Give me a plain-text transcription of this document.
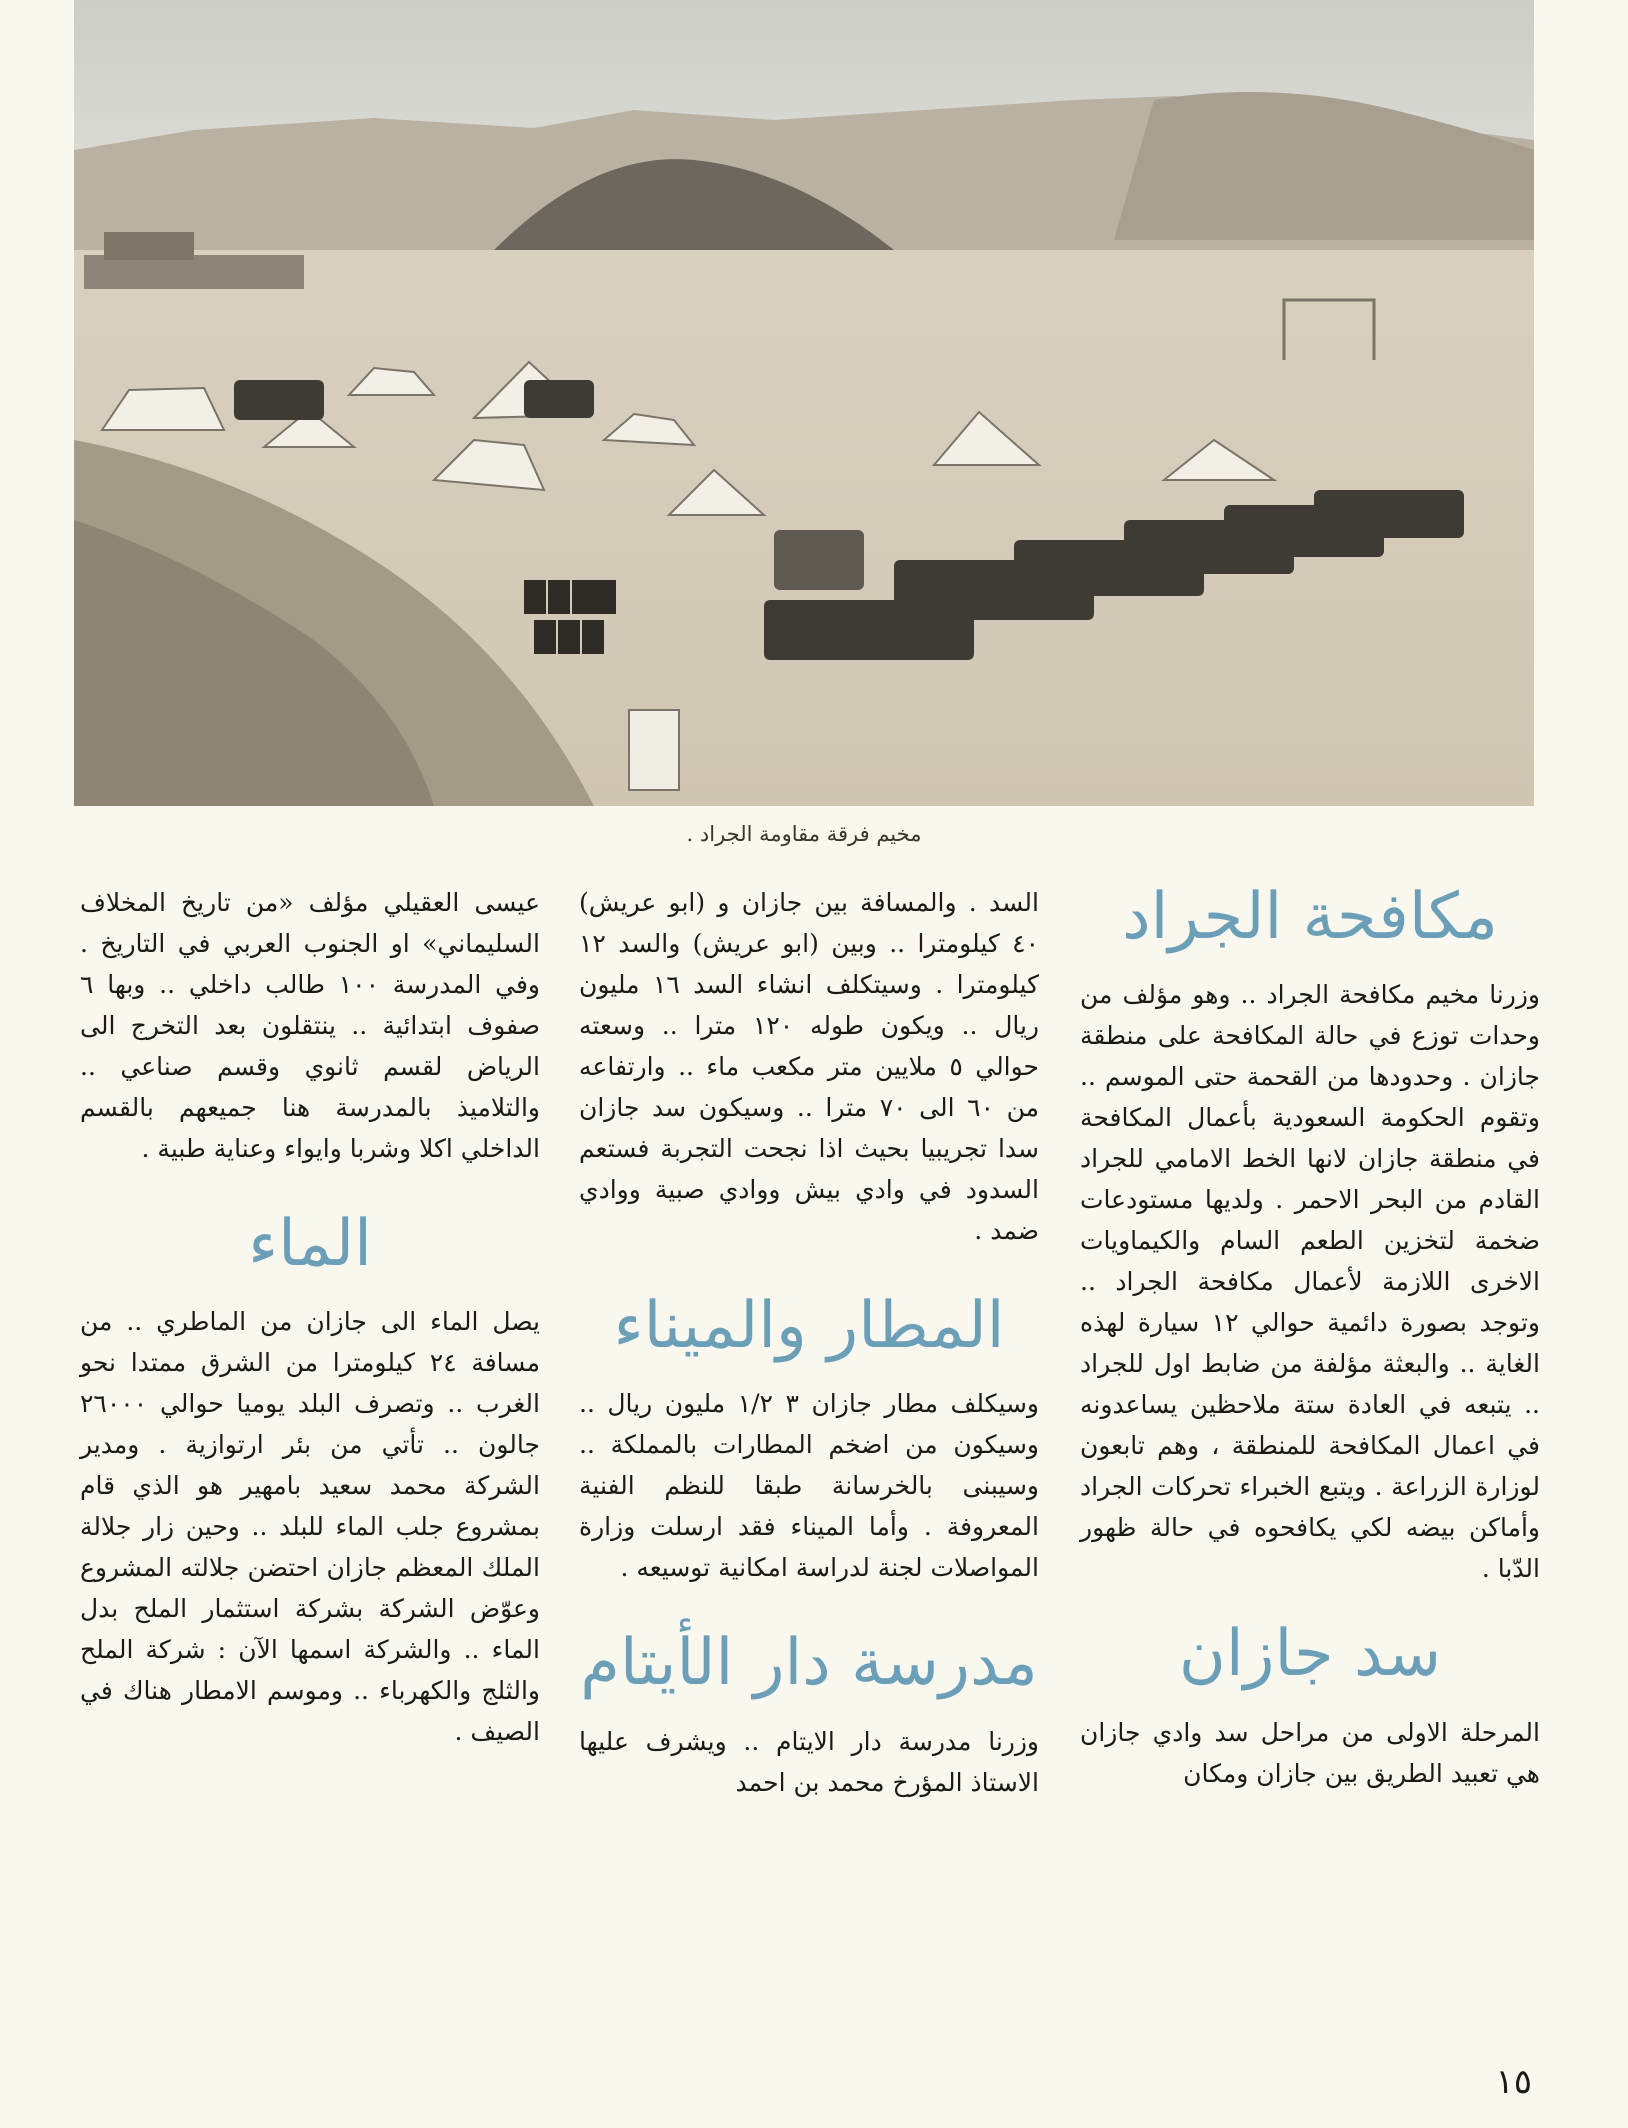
مخيم فرقة مقاومة الجراد .
مكافحة الجراد

وزرنا مخيم مكافحة الجراد .. وهو مؤلف من وحدات توزع في حالة المكافحة على منطقة جازان . وحدودها من القحمة حتى الموسم .. وتقوم الحكومة السعودية بأعمال المكافحة في منطقة جازان لانها الخط الامامي للجراد القادم من البحر الاحمر . ولديها مستودعات ضخمة لتخزين الطعم السام والكيماويات الاخرى اللازمة لأعمال مكافحة الجراد .. وتوجد بصورة دائمية حوالي ١٢ سيارة لهذه الغاية .. والبعثة مؤلفة من ضابط اول للجراد .. يتبعه في العادة ستة ملاحظين يساعدونه في اعمال المكافحة للمنطقة ، وهم تابعون لوزارة الزراعة . ويتبع الخبراء تحركات الجراد وأماكن بيضه لكي يكافحوه في حالة ظهور الدّبا .

سد جازان

المرحلة الاولى من مراحل سد وادي جازان هي تعبيد الطريق بين جازان ومكان

السد . والمسافة بين جازان و (ابو عريش) ٤٠ كيلومترا .. وبين (ابو عريش) والسد ١٢ كيلومترا . وسيتكلف انشاء السد ١٦ مليون ريال .. ويكون طوله ١٢٠ مترا .. وسعته حوالي ٥ ملايين متر مكعب ماء .. وارتفاعه من ٦٠ الى ٧٠ مترا .. وسيكون سد جازان سدا تجريبيا بحيث اذا نجحت التجربة فستعم السدود في وادي بيش ووادي صبية ووادي ضمد .

المطار والميناء

وسيكلف مطار جازان ٣ ١/٢ مليون ريال .. وسيكون من اضخم المطارات بالمملكة .. وسيبنى بالخرسانة طبقا للنظم الفنية المعروفة . وأما الميناء فقد ارسلت وزارة المواصلات لجنة لدراسة امكانية توسيعه .

مدرسة دار الأيتام

وزرنا مدرسة دار الايتام .. ويشرف عليها الاستاذ المؤرخ محمد بن احمد

عيسى العقيلي مؤلف «من تاريخ المخلاف السليماني» او الجنوب العربي في التاريخ . وفي المدرسة ١٠٠ طالب داخلي .. وبها ٦ صفوف ابتدائية .. ينتقلون بعد التخرج الى الرياض لقسم ثانوي وقسم صناعي .. والتلاميذ بالمدرسة هنا جميعهم بالقسم الداخلي اكلا وشربا وايواء وعناية طبية .

الماء

يصل الماء الى جازان من الماطري .. من مسافة ٢٤ كيلومترا من الشرق ممتدا نحو الغرب .. وتصرف البلد يوميا حوالي ٢٦٠٠٠ جالون .. تأتي من بئر ارتوازية . ومدير الشركة محمد سعيد بامهير هو الذي قام بمشروع جلب الماء للبلد .. وحين زار جلالة الملك المعظم جازان احتضن جلالته المشروع وعوّض الشركة بشركة استثمار الملح بدل الماء .. والشركة اسمها الآن : شركة الملح والثلج والكهرباء .. وموسم الامطار هناك في الصيف .

١٥
